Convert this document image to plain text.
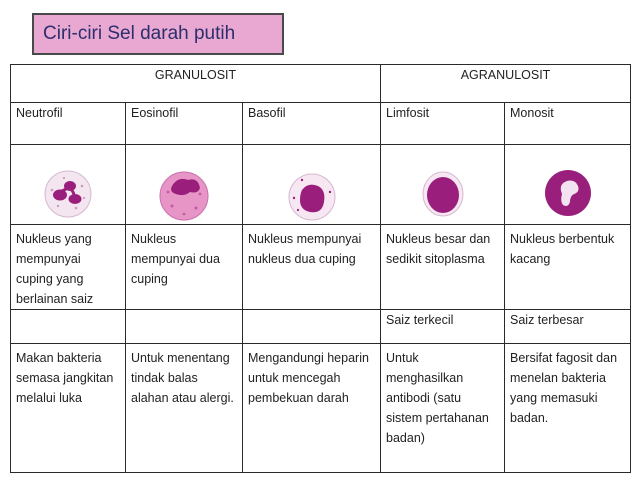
Ciri-ciri Sel darah putih
GRANULOSIT			AGRANULOSIT	
Neutrofil	Eosinofil	Basofil	Limfosit	Monosit

Nukleus yang mempunyai cuping yang berlainan saiz	Nukleus mempunyai dua cuping	Nukleus mempunyai nukleus dua cuping	Nukleus besar dan sedikit sitoplasma	Nukleus berbentuk kacang
			Saiz terkecil	Saiz terbesar
Makan bakteria semasa jangkitan melalui luka	Untuk menentang tindak balas alahan atau alergi.	Mengandungi heparin untuk mencegah pembekuan darah	Untuk menghasilkan antibodi (satu sistem pertahanan badan)	Bersifat fagosit dan menelan bakteria yang memasuki badan.
